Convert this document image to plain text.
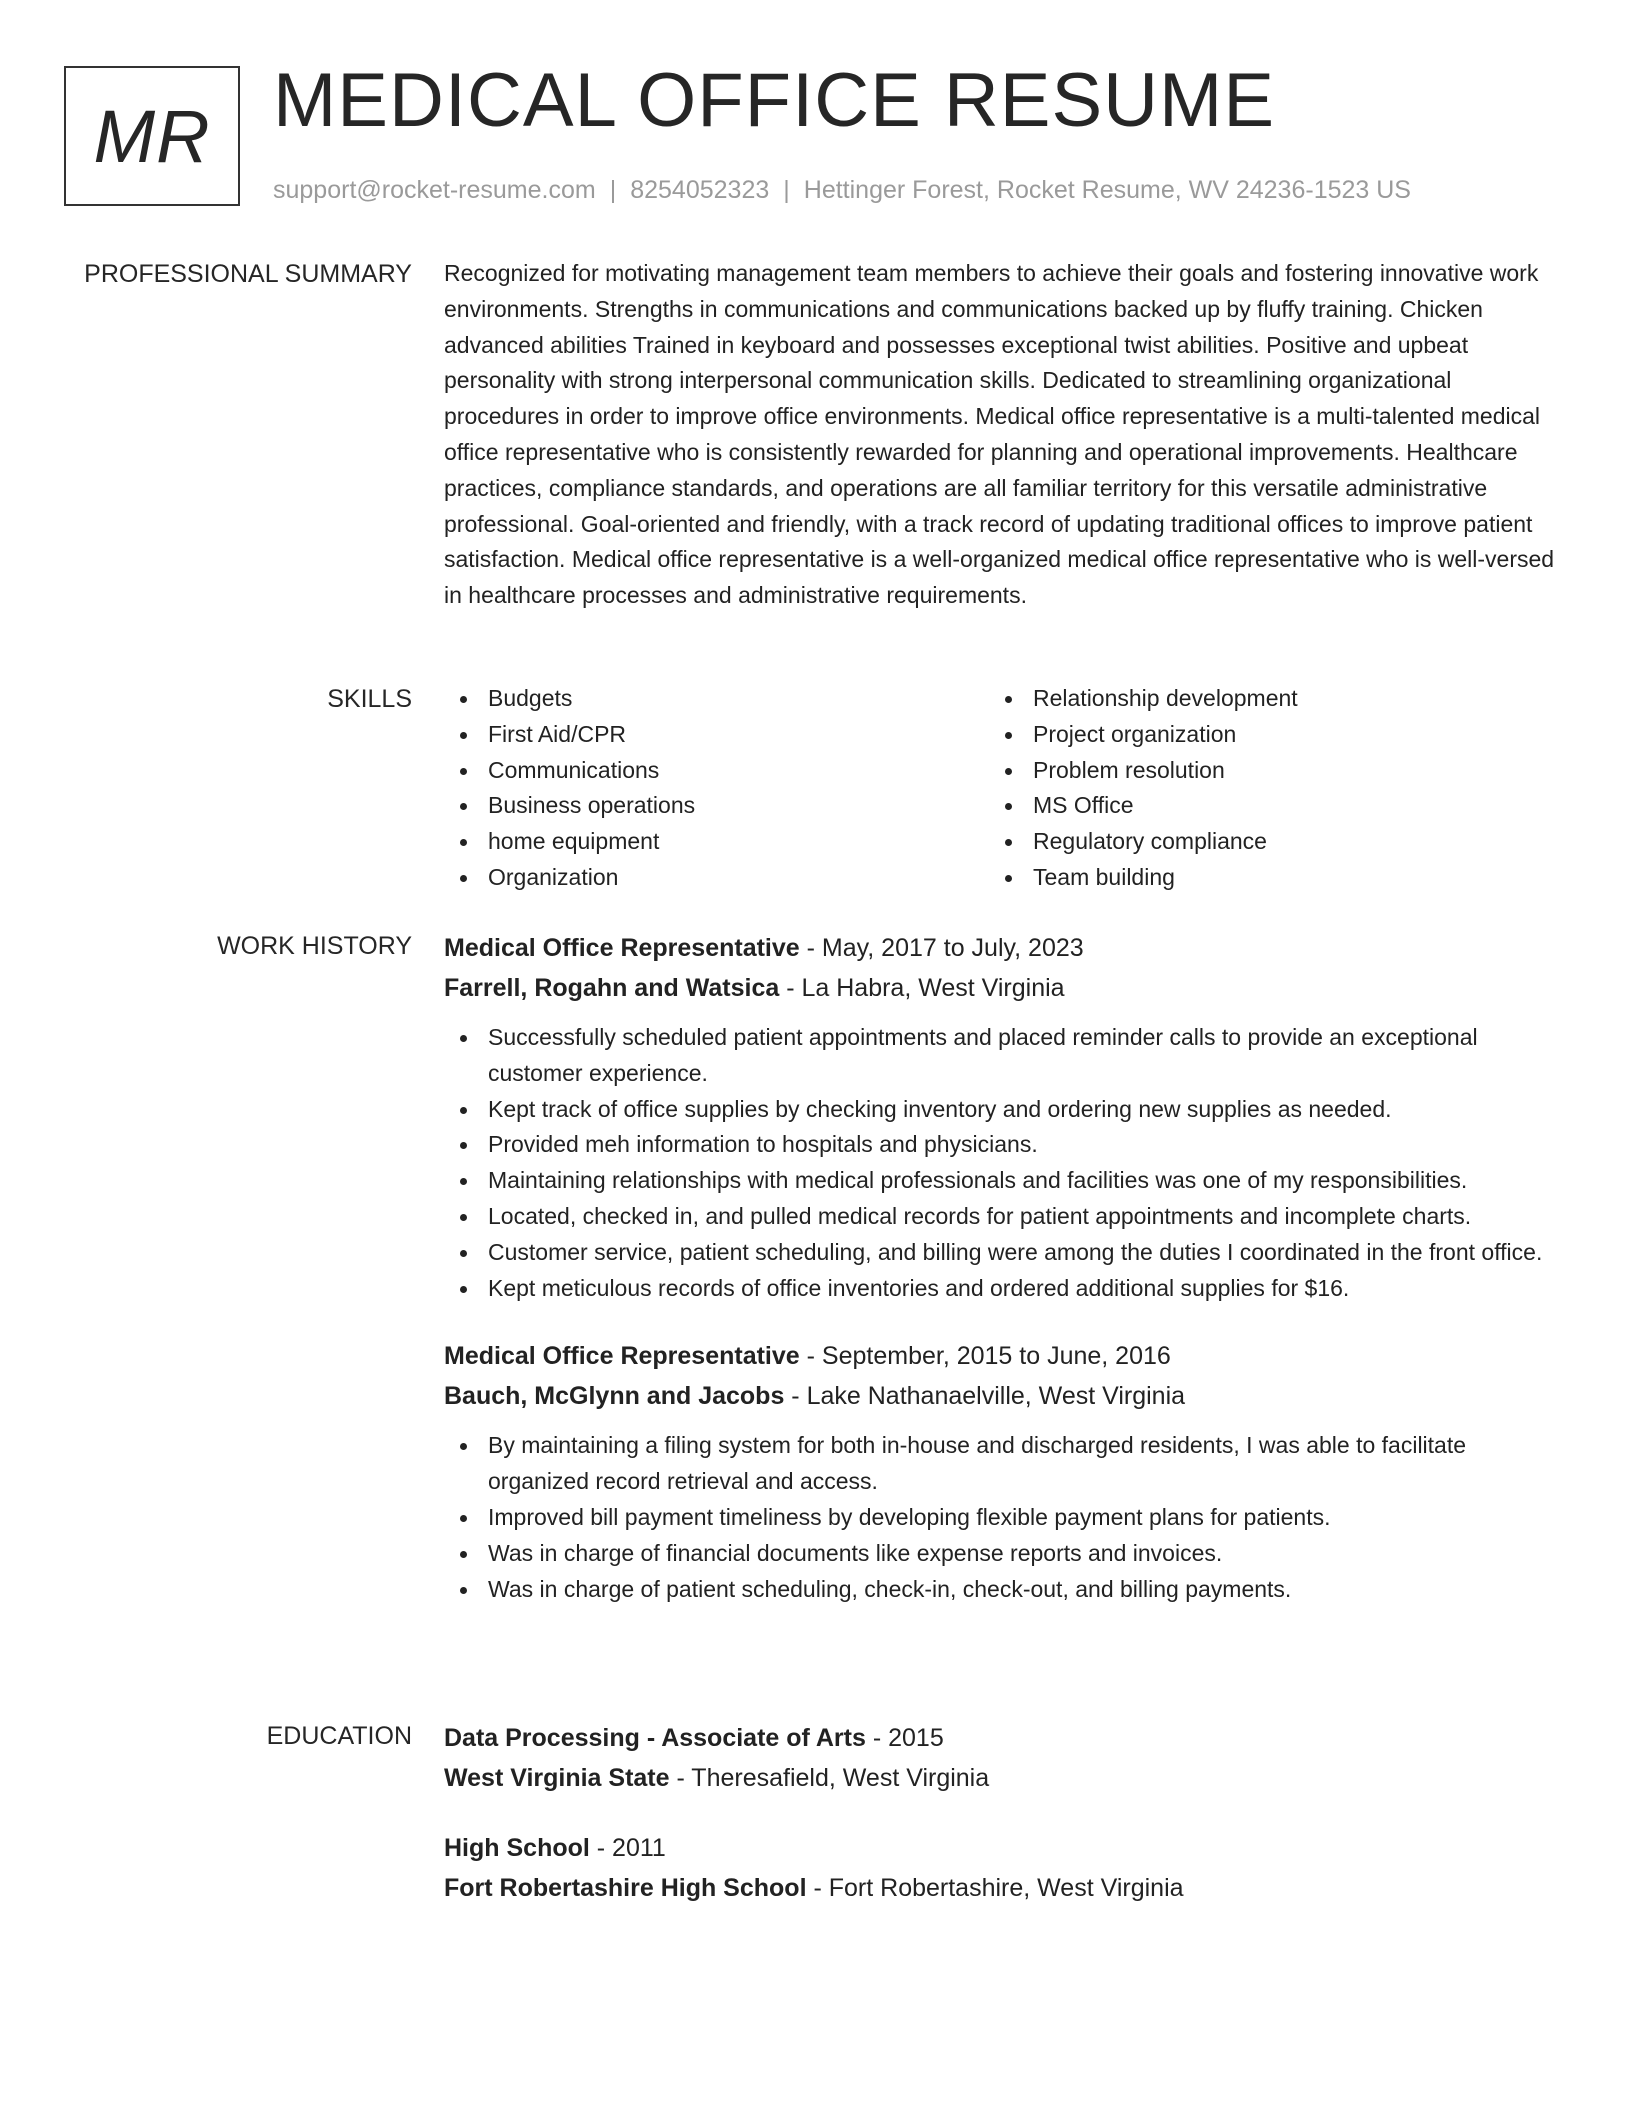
MR MEDICAL OFFICE RESUME
support@rocket-resume.com | 8254052323 | Hettinger Forest, Rocket Resume, WV 24236-1523 US
PROFESSIONAL SUMMARY Recognized for motivating management team members to achieve their goals and fostering innovative work environments. Strengths in communications and communications backed up by fluffy training. Chicken advanced abilities Trained in keyboard and possesses exceptional twist abilities. Positive and upbeat personality with strong interpersonal communication skills. Dedicated to streamlining organizational procedures in order to improve office environments. Medical office representative is a multi-talented medical office representative who is consistently rewarded for planning and operational improvements. Healthcare practices, compliance standards, and operations are all familiar territory for this versatile administrative professional. Goal-oriented and friendly, with a track record of updating traditional offices to improve patient satisfaction. Medical office representative is a well-organized medical office representative who is well-versed in healthcare processes and administrative requirements.

SKILLS	Budgets
First Aid/CPR
Communications
Business operations
home equipment
Organization
Relationship development
Project organization
Problem resolution
MS Office
Regulatory compliance
Team building
WORK HISTORY Medical Office Representative - May, 2017 to July, 2023
Farrell, Rogahn and Watsica - La Habra, West Virginia
Successfully scheduled patient appointments and placed reminder calls to provide an exceptional customer experience.
Kept track of office supplies by checking inventory and ordering new supplies as needed.
Provided meh information to hospitals and physicians.
Maintaining relationships with medical professionals and facilities was one of my responsibilities.
Located, checked in, and pulled medical records for patient appointments and incomplete charts.
Customer service, patient scheduling, and billing were among the duties I coordinated in the front office.
Kept meticulous records of office inventories and ordered additional supplies for $16.
Medical Office Representative - September, 2015 to June, 2016
Bauch, McGlynn and Jacobs - Lake Nathanaelville, West Virginia
By maintaining a filing system for both in-house and discharged residents, I was able to facilitate organized record retrieval and access.
Improved bill payment timeliness by developing flexible payment plans for patients.
Was in charge of financial documents like expense reports and invoices.
Was in charge of patient scheduling, check-in, check-out, and billing payments.
EDUCATION Data Processing - Associate of Arts - 2015
West Virginia State - Theresafield, West Virginia
High School - 2011
Fort Robertashire High School - Fort Robertashire, West Virginia
